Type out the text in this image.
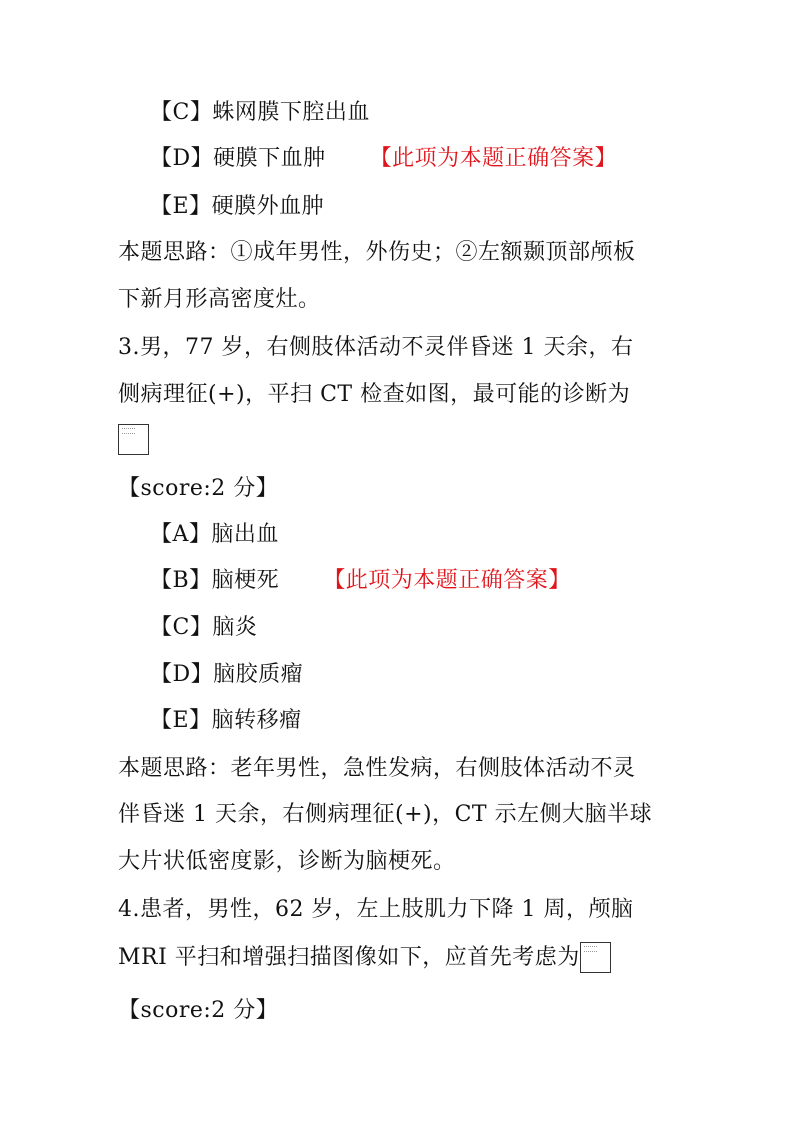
【C】蛛网膜下腔出血
【D】硬膜下血肿 【此项为本题正确答案】
【E】硬膜外血肿
本题思路：①成年男性，外伤史；②左额颞顶部颅板
下新月形高密度灶。
3.男，77 岁，右侧肢体活动不灵伴昏迷 1 天余，右
侧病理征(+)，平扫 CT 检查如图，最可能的诊断为
【score:2 分】
【A】脑出血
【B】脑梗死 【此项为本题正确答案】
【C】脑炎
【D】脑胶质瘤
【E】脑转移瘤
本题思路：老年男性，急性发病，右侧肢体活动不灵
伴昏迷 1 天余，右侧病理征(+)，CT 示左侧大脑半球
大片状低密度影，诊断为脑梗死。
4.患者，男性，62 岁，左上肢肌力下降 1 周，颅脑
MRI 平扫和增强扫描图像如下，应首先考虑为
【score:2 分】
